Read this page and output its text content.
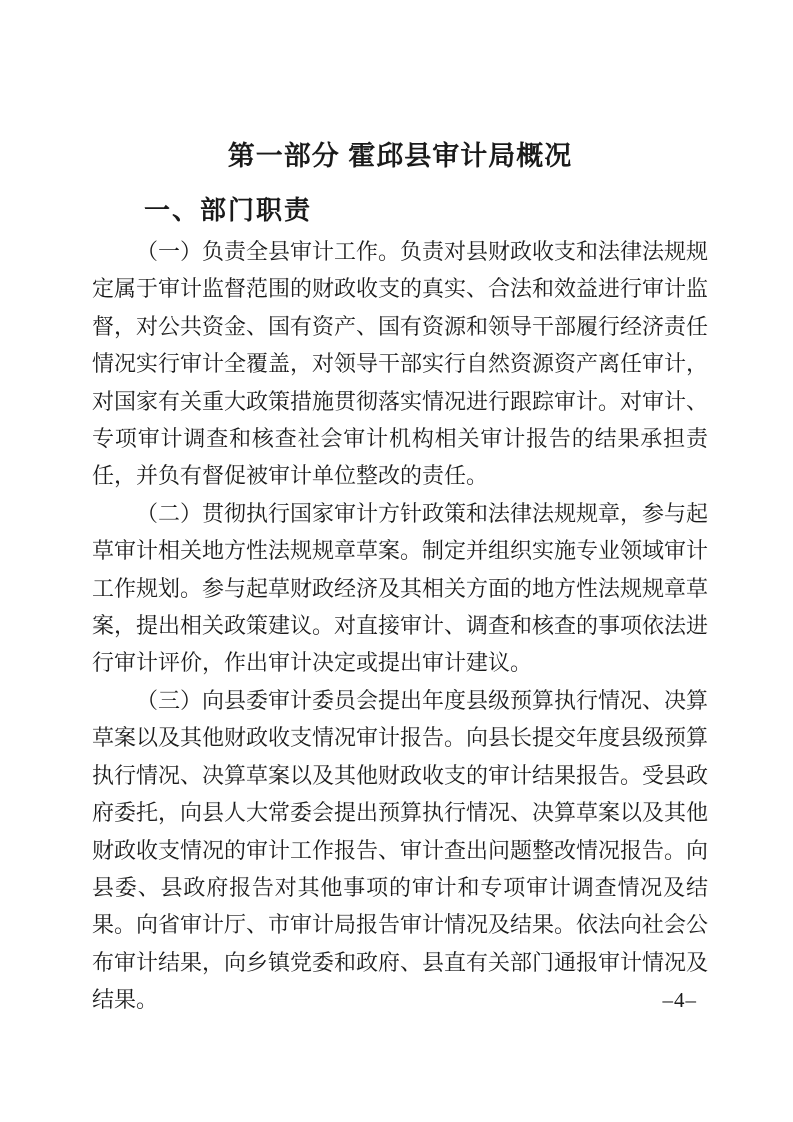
第一部分 霍邱县审计局概况
一、部门职责

（一）负责全县审计工作。负责对县财政收支和法律法规规定属于审计监督范围的财政收支的真实、合法和效益进行审计监督，对公共资金、国有资产、国有资源和领导干部履行经济责任情况实行审计全覆盖，对领导干部实行自然资源资产离任审计，对国家有关重大政策措施贯彻落实情况进行跟踪审计。对审计、专项审计调查和核查社会审计机构相关审计报告的结果承担责任，并负有督促被审计单位整改的责任。

（二）贯彻执行国家审计方针政策和法律法规规章，参与起草审计相关地方性法规规章草案。制定并组织实施专业领域审计工作规划。参与起草财政经济及其相关方面的地方性法规规章草案，提出相关政策建议。对直接审计、调查和核查的事项依法进行审计评价，作出审计决定或提出审计建议。

（三）向县委审计委员会提出年度县级预算执行情况、决算草案以及其他财政收支情况审计报告。向县长提交年度县级预算执行情况、决算草案以及其他财政收支的审计结果报告。受县政府委托，向县人大常委会提出预算执行情况、决算草案以及其他财政收支情况的审计工作报告、审计查出问题整改情况报告。向县委、县政府报告对其他事项的审计和专项审计调查情况及结果。向省审计厅、市审计局报告审计情况及结果。依法向社会公布审计结果，向乡镇党委和政府、县直有关部门通报审计情况及结果。	–4–
